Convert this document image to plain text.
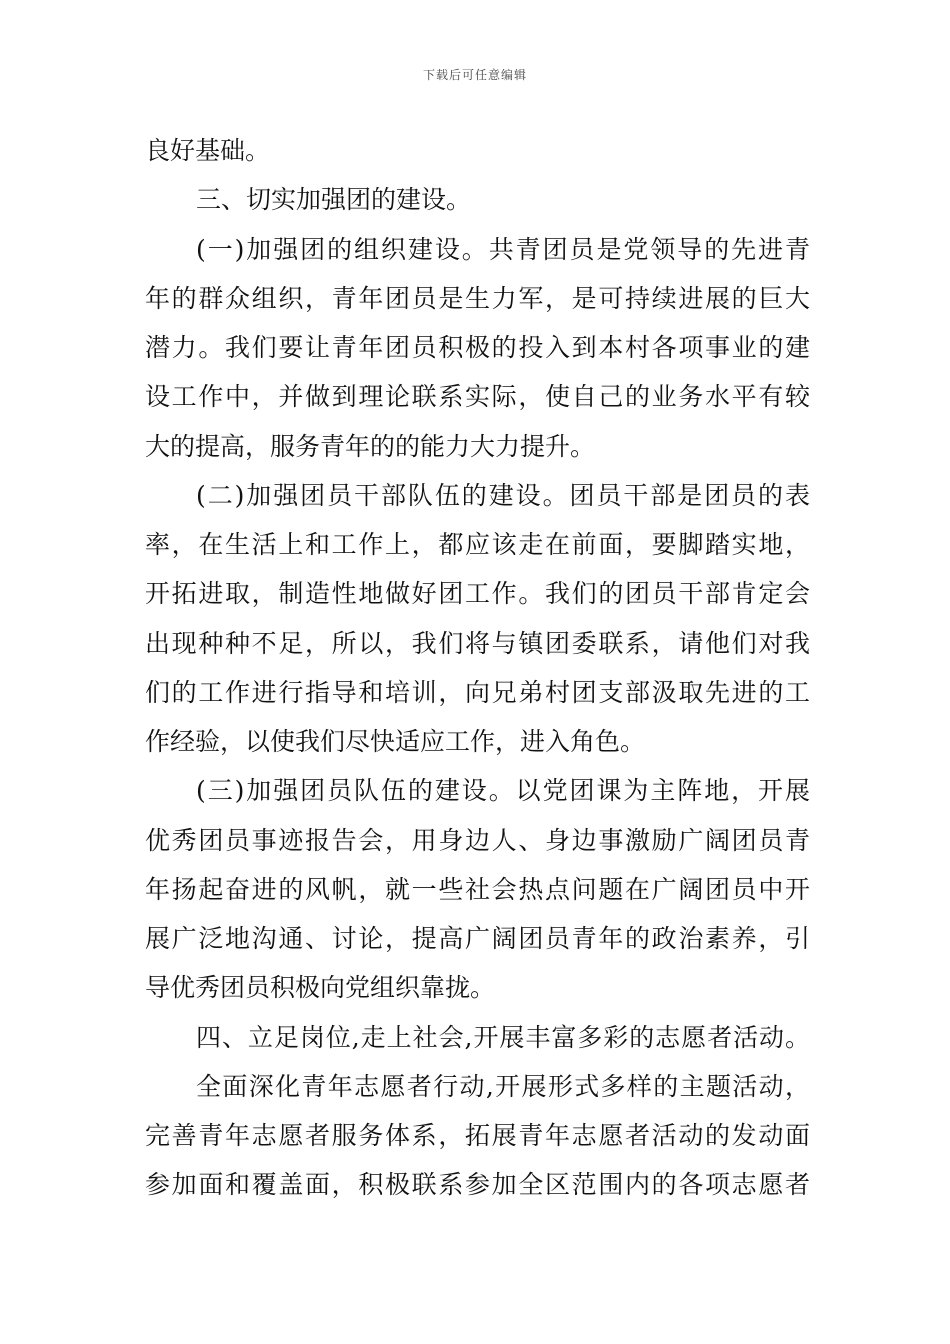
下载后可任意编辑
良好基础。
三、切实加强团的建设。
(一)加强团的组织建设。共青团员是党领导的先进青
年的群众组织，青年团员是生力军，是可持续进展的巨大
潜力。我们要让青年团员积极的投入到本村各项事业的建
设工作中，并做到理论联系实际，使自己的业务水平有较
大的提高，服务青年的的能力大力提升。
(二)加强团员干部队伍的建设。团员干部是团员的表
率，在生活上和工作上，都应该走在前面，要脚踏实地，
开拓进取，制造性地做好团工作。我们的团员干部肯定会
出现种种不足，所以，我们将与镇团委联系，请他们对我
们的工作进行指导和培训，向兄弟村团支部汲取先进的工
作经验，以使我们尽快适应工作，进入角色。
(三)加强团员队伍的建设。以党团课为主阵地，开展
优秀团员事迹报告会，用身边人、身边事激励广阔团员青
年扬起奋进的风帆，就一些社会热点问题在广阔团员中开
展广泛地沟通、讨论，提高广阔团员青年的政治素养，引
导优秀团员积极向党组织靠拢。
四、立足岗位,走上社会,开展丰富多彩的志愿者活动。
全面深化青年志愿者行动,开展形式多样的主题活动，
完善青年志愿者服务体系，拓展青年志愿者活动的发动面
参加面和覆盖面，积极联系参加全区范围内的各项志愿者
